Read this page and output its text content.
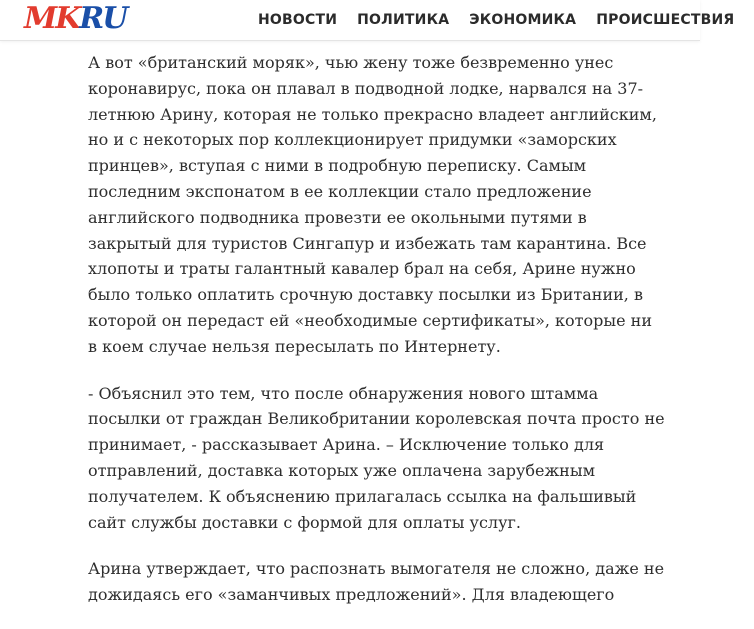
MKRU	НОВОСТИ ПОЛИТИКА ЭКОНОМИКА ПРОИСШЕСТВИЯ

А вот «британский моряк», чью жену тоже безвременно унес
коронавирус, пока он плавал в подводной лодке, нарвался на 37-
летнюю Арину, которая не только прекрасно владеет английским,
но и с некоторых пор коллекционирует придумки «заморских
принцев», вступая с ними в подробную переписку. Самым
последним экспонатом в ее коллекции стало предложение
английского подводника провезти ее окольными путями в
закрытый для туристов Сингапур и избежать там карантина. Все
хлопоты и траты галантный кавалер брал на себя, Арине нужно
было только оплатить срочную доставку посылки из Британии, в
которой он передаст ей «необходимые сертификаты», которые ни
в коем случае нельзя пересылать по Интернету.

- Объяснил это тем, что после обнаружения нового штамма
посылки от граждан Великобритании королевская почта просто не
принимает, - рассказывает Арина. – Исключение только для
отправлений, доставка которых уже оплачена зарубежным
получателем. К объяснению прилагалась ссылка на фальшивый
сайт службы доставки с формой для оплаты услуг.

Арина утверждает, что распознать вымогателя не сложно, даже не
дожидаясь его «заманчивых предложений». Для владеющего
